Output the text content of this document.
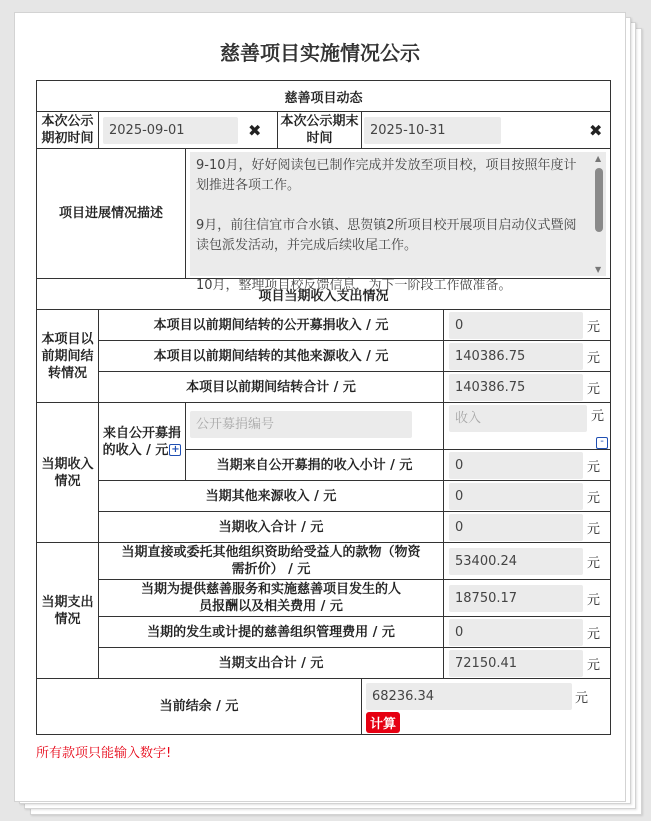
慈善项目实施情况公示
慈善项目动态					
本次公示期初时间	2025-09-01 ✖		本次公示期末时间	2025-10-31 ✖	
项目进展情况描述		9-10月，好好阅读包已制作完成并发放至项目校，项目按照年度计划推进各项工作。

9月，前往信宜市合水镇、思贺镇2所项目校开展项目启动仪式暨阅读包派发活动，并完成后续收尾工作。

10月，整理项目校反馈信息，为下一阶段工作做准备。
▲
▼			

项目当期收入支出情况					
本项目以前期间结转情况	本项目以前期间结转的公开募捐收入 / 元				0 元
	本项目以前期间结转的其他来源收入 / 元				140386.75 元
	本项目以前期间结转合计 / 元				140386.75 元
当期收入情况	来自公开募捐的收入 / 元 +	公开募捐编号			收入 元
-

		当期来自公开募捐的收入小计 / 元			0 元
	当期其他来源收入 / 元				0 元
	当期收入合计 / 元				0 元

当期支出情况	当期直接或委托其他组织资助给受益人的款物（物资需折价） / 元				53400.24 元
	当期为提供慈善服务和实施慈善项目发生的人员报酬以及相关费用 / 元				18750.17 元
	当期的发生或计提的慈善组织管理费用 / 元				0 元
	当期支出合计 / 元				72150.41 元
当前结余 / 元				68236.34 元
计算	
所有款项只能输入数字!
